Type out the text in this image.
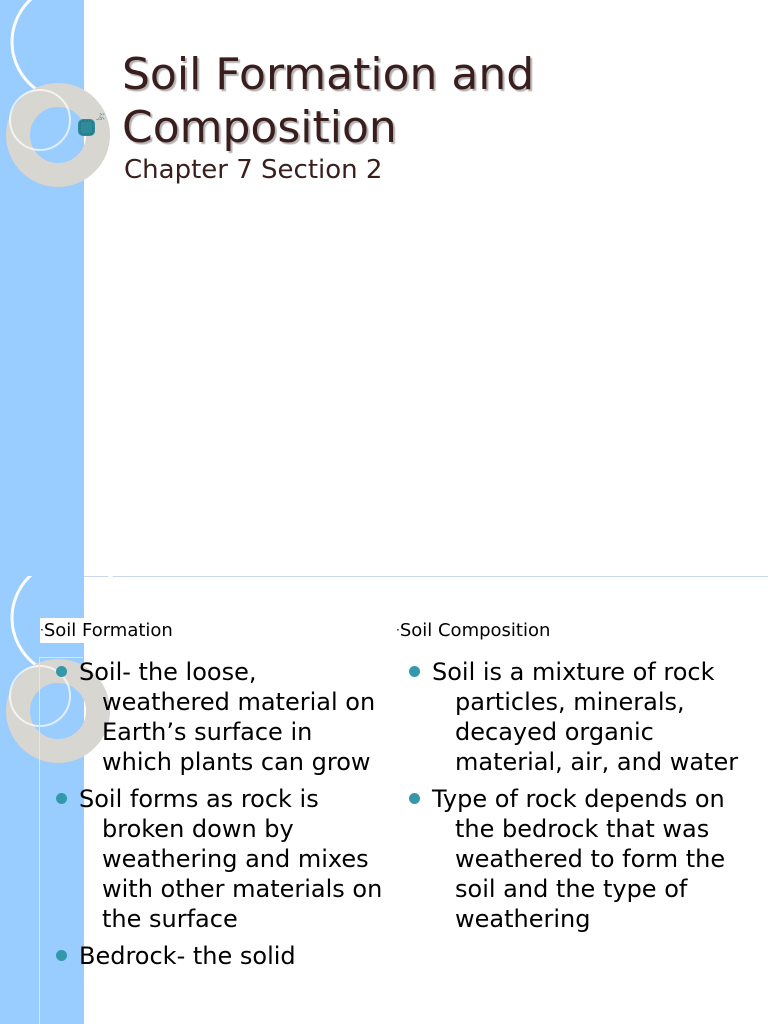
ぶ
Soil Formation and Composition
Chapter 7 Section 2

·Soil Formation	·Soil Composition

Soil- the loose, weathered material on Earth’s surface in which plants can grow
Soil forms as rock is broken down by weathering and mixes with other materials on the surface
Bedrock- the solid
Soil is a mixture of rock particles, minerals, decayed organic material, air, and water
Type of rock depends on the bedrock that was weathered to form the soil and the type of weathering
